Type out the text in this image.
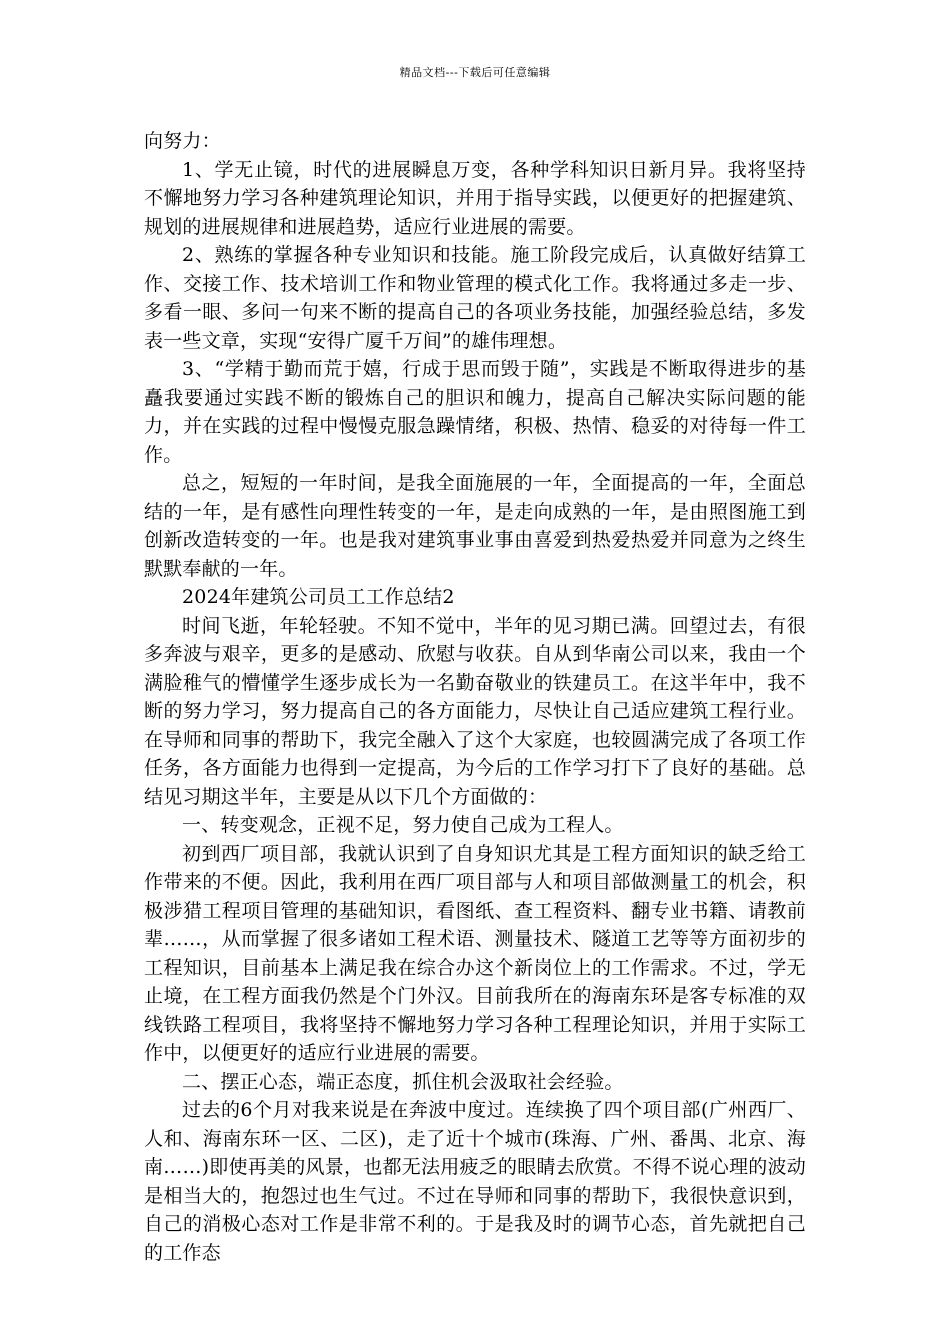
精品文档---下载后可任意编辑

向努力：

1、学无止镜，时代的进展瞬息万变，各种学科知识日新月异。我将坚持不懈地努力学习各种建筑理论知识，并用于指导实践，以便更好的把握建筑、规划的进展规律和进展趋势，适应行业进展的需要。

2、熟练的掌握各种专业知识和技能。施工阶段完成后，认真做好结算工作、交接工作、技术培训工作和物业管理的模式化工作。我将通过多走一步、多看一眼、多问一句来不断的提高自己的各项业务技能，加强经验总结，多发表一些文章，实现“安得广厦千万间”的雄伟理想。

3、“学精于勤而荒于嬉，行成于思而毁于随”，实践是不断取得进步的基矗我要通过实践不断的锻炼自己的胆识和魄力，提高自己解决实际问题的能力，并在实践的过程中慢慢克服急躁情绪，积极、热情、稳妥的对待每一件工作。

总之，短短的一年时间，是我全面施展的一年，全面提高的一年，全面总结的一年，是有感性向理性转变的一年，是走向成熟的一年，是由照图施工到创新改造转变的一年。也是我对建筑事业事由喜爱到热爱热爱并同意为之终生默默奉献的一年。

2024年建筑公司员工工作总结2

时间飞逝，年轮轻驶。不知不觉中，半年的见习期已满。回望过去，有很多奔波与艰辛，更多的是感动、欣慰与收获。自从到华南公司以来，我由一个满脸稚气的懵懂学生逐步成长为一名勤奋敬业的铁建员工。在这半年中，我不断的努力学习，努力提高自己的各方面能力，尽快让自己适应建筑工程行业。在导师和同事的帮助下，我完全融入了这个大家庭，也较圆满完成了各项工作任务，各方面能力也得到一定提高，为今后的工作学习打下了良好的基础。总结见习期这半年，主要是从以下几个方面做的：

一、转变观念，正视不足，努力使自己成为工程人。

初到西厂项目部，我就认识到了自身知识尤其是工程方面知识的缺乏给工作带来的不便。因此，我利用在西厂项目部与人和项目部做测量工的机会，积极涉猎工程项目管理的基础知识，看图纸、查工程资料、翻专业书籍、请教前辈……，从而掌握了很多诸如工程术语、测量技术、隧道工艺等等方面初步的工程知识，目前基本上满足我在综合办这个新岗位上的工作需求。不过，学无止境，在工程方面我仍然是个门外汉。目前我所在的海南东环是客专标准的双线铁路工程项目，我将坚持不懈地努力学习各种工程理论知识，并用于实际工作中，以便更好的适应行业进展的需要。

二、摆正心态，端正态度，抓住机会汲取社会经验。

过去的6个月对我来说是在奔波中度过。连续换了四个项目部(广州西厂、人和、海南东环一区、二区)，走了近十个城市(珠海、广州、番禺、北京、海南……)即使再美的风景，也都无法用疲乏的眼睛去欣赏。不得不说心理的波动是相当大的，抱怨过也生气过。不过在导师和同事的帮助下，我很快意识到，自己的消极心态对工作是非常不利的。于是我及时的调节心态，首先就把自己的工作态
